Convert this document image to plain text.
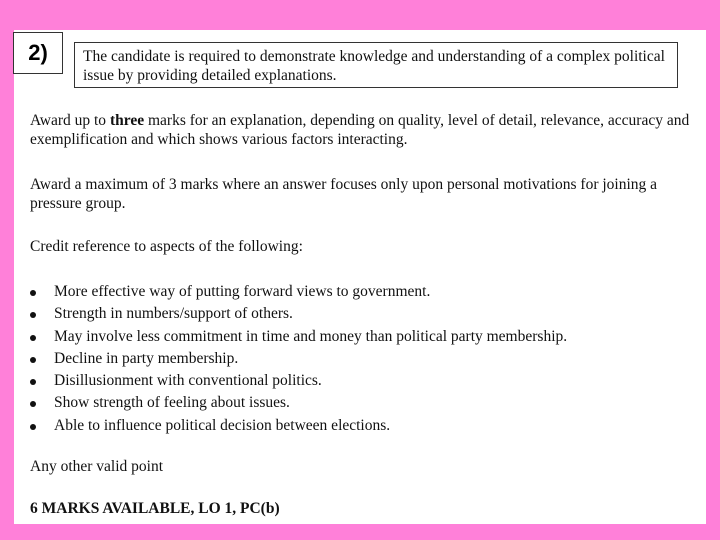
2)	The candidate is required to demonstrate knowledge and understanding of a complex political issue by providing detailed explanations.
Award up to three marks for an explanation, depending on quality, level of detail, relevance, accuracy and exemplification and which shows various factors interacting.
Award a maximum of 3 marks where an answer focuses only upon personal motivations for joining a pressure group.
Credit reference to aspects of the following:
More effective way of putting forward views to government.
Strength in numbers/support of others.
May involve less commitment in time and money than political party membership.
Decline in party membership.
Disillusionment with conventional politics.
Show strength of feeling about issues.
Able to influence political decision between elections.
Any other valid point
6 MARKS AVAILABLE, LO 1, PC(b)
